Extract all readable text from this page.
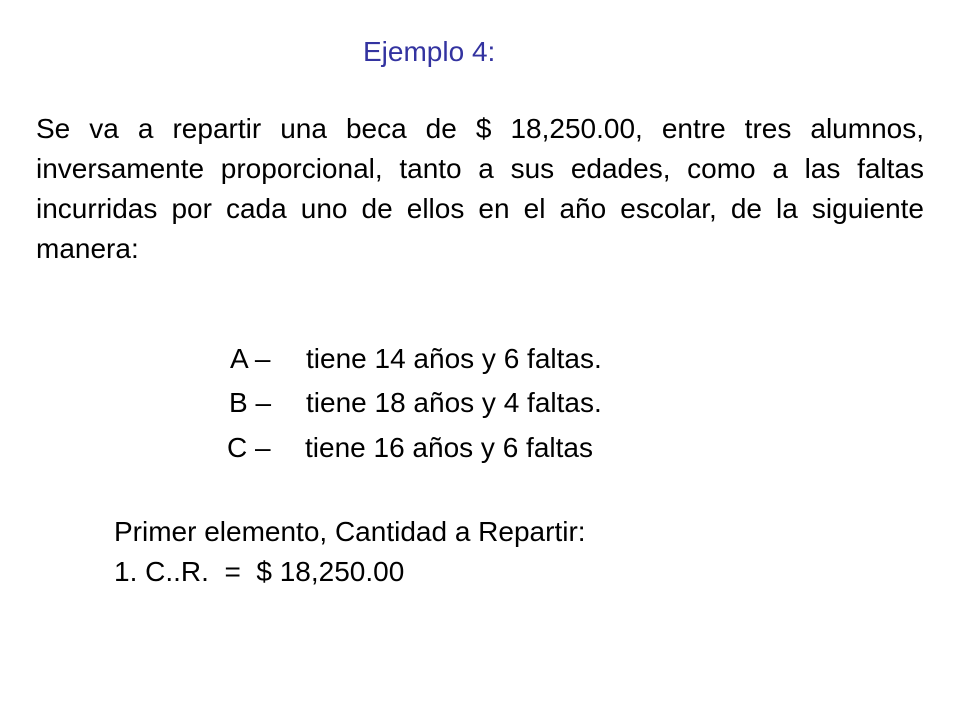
Ejemplo 4:

Se va a repartir una beca de $ 18,250.00, entre tres alumnos, inversamente proporcional, tanto a sus edades, como a las faltas incurridas por cada uno de ellos en el año escolar, de la siguiente manera:

A – tiene 14 años y 6 faltas.
B – tiene 18 años y 4 faltas.
C – tiene 16 años y 6 faltas
Primer elemento, Cantidad a Repartir:
1. C..R.  =  $ 18,250.00
